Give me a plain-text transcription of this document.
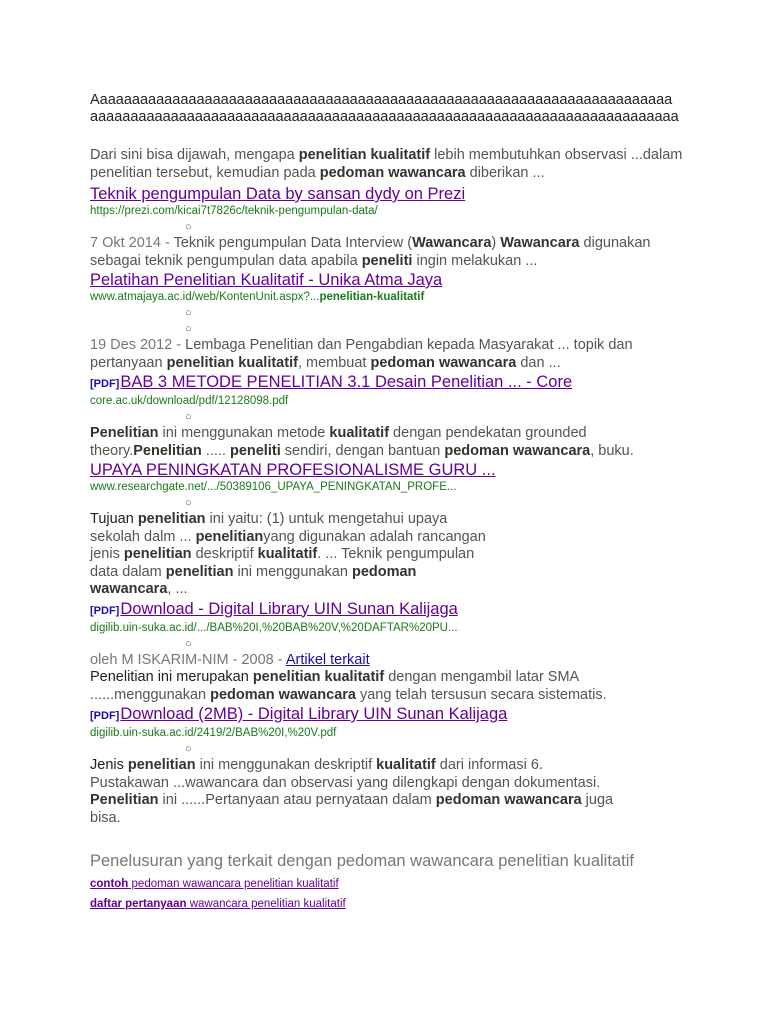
Aaaaaaaaaaaaaaaaaaaaaaaaaaaaaaaaaaaaaaaaaaaaaaaaaaaaaaaaaaaaaaaaaaaaaaaaaaaaaaaaaaaaaaaaaaaaaaaaaaaaaaaaaaaaaaaaaaaaaaaaaaaaaaaaaaaaaaaaaaaaaaaaa

Dari sini bisa dijawah, mengapa penelitian kualitatif lebih membutuhkan observasi ...dalam penelitian tersebut, kemudian pada pedoman wawancara diberikan ...
Teknik pengumpulan Data by sansan dydy on Prezi
https://prezi.com/kicai7t7826c/teknik-pengumpulan-data/
○
7 Okt 2014 - Teknik pengumpulan Data Interview (Wawancara) Wawancara digunakan sebagai teknik pengumpulan data apabila peneliti ingin melakukan ...
Pelatihan Penelitian Kualitatif - Unika Atma Jaya
www.atmajaya.ac.id/web/KontenUnit.aspx?...penelitian-kualitatif
○
○
19 Des 2012 - Lembaga Penelitian dan Pengabdian kepada Masyarakat ... topik dan pertanyaan penelitian kualitatif, membuat pedoman wawancara dan ...
[PDF]BAB 3 METODE PENELITIAN 3.1 Desain Penelitian ... - Core
core.ac.uk/download/pdf/12128098.pdf
○
Penelitian ini menggunakan metode kualitatif dengan pendekatan grounded theory.Penelitian ..... peneliti sendiri, dengan bantuan pedoman wawancara, buku.
UPAYA PENINGKATAN PROFESIONALISME GURU ...
www.researchgate.net/.../50389106_UPAYA_PENINGKATAN_PROFE...
○
Tujuan penelitian ini yaitu: (1) untuk mengetahui upaya sekolah dalm ... penelitianyang digunakan adalah rancangan jenis penelitian deskriptif kualitatif. ... Teknik pengumpulan data dalam penelitian ini menggunakan pedoman wawancara, ...
[PDF]Download - Digital Library UIN Sunan Kalijaga
digilib.uin-suka.ac.id/.../BAB%20I,%20BAB%20V,%20DAFTAR%20PU...
○
oleh M ISKARIM-NIM - 2008 - Artikel terkait
Penelitian ini merupakan penelitian kualitatif dengan mengambil latar SMA ......menggunakan pedoman wawancara yang telah tersusun secara sistematis.
[PDF]Download (2MB) - Digital Library UIN Sunan Kalijaga
digilib.uin-suka.ac.id/2419/2/BAB%20I,%20V.pdf
○
Jenis penelitian ini menggunakan deskriptif kualitatif dari informasi 6. Pustakawan ...wawancara dan observasi yang dilengkapi dengan dokumentasi. Penelitian ini ......Pertanyaan atau pernyataan dalam pedoman wawancara juga bisa.

Penelusuran yang terkait dengan pedoman wawancara penelitian kualitatif

contoh pedoman wawancara penelitian kualitatif
daftar pertanyaan wawancara penelitian kualitatif
